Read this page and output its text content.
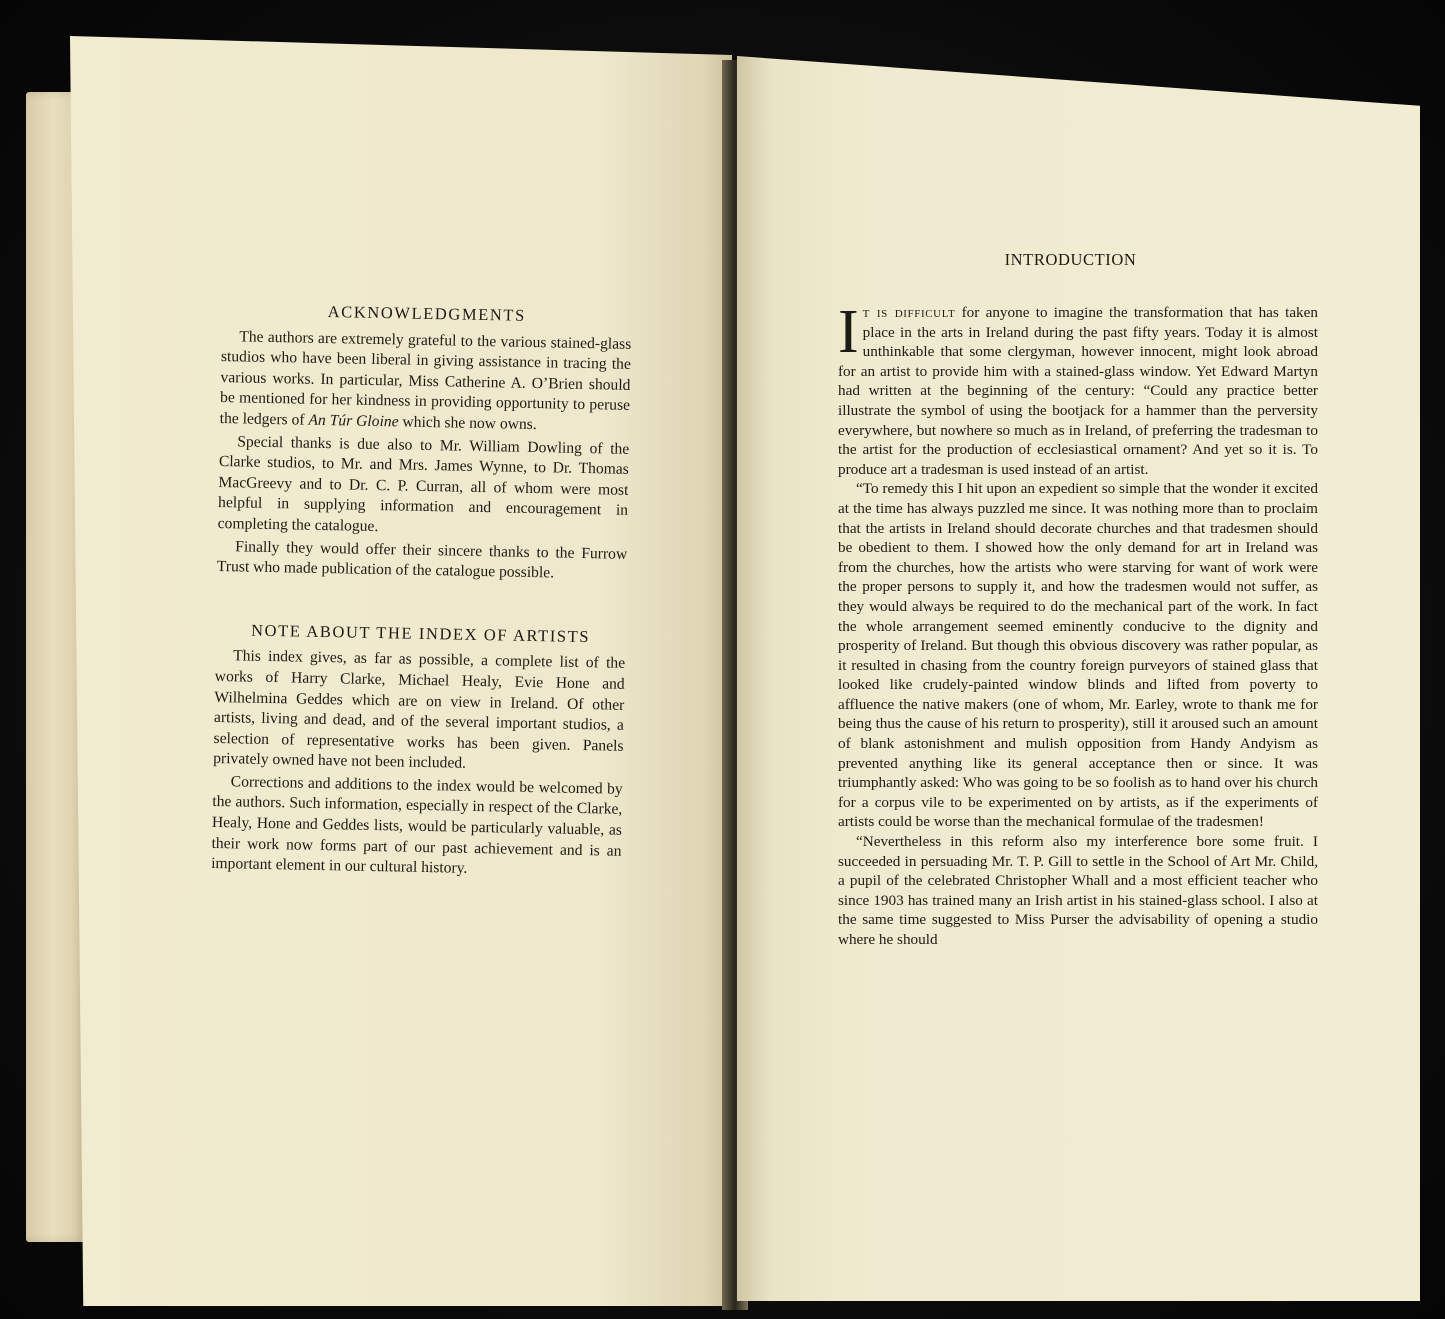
ACKNOWLEDGMENTS

The authors are extremely grateful to the various stained-glass studios who have been liberal in giving assistance in tracing the various works. In particular, Miss Catherine A. O’Brien should be mentioned for her kindness in providing opportunity to peruse the ledgers of An Túr Gloine which she now owns.

Special thanks is due also to Mr. William Dowling of the Clarke studios, to Mr. and Mrs. James Wynne, to Dr. Thomas MacGreevy and to Dr. C. P. Curran, all of whom were most helpful in supplying information and encouragement in completing the catalogue.

Finally they would offer their sincere thanks to the Furrow Trust who made publication of the catalogue possible.

NOTE ABOUT THE INDEX OF ARTISTS

This index gives, as far as possible, a complete list of the works of Harry Clarke, Michael Healy, Evie Hone and Wilhelmina Geddes which are on view in Ireland. Of other artists, living and dead, and of the several important studios, a selection of representative works has been given. Panels privately owned have not been included.

Corrections and additions to the index would be welcomed by the authors. Such information, especially in respect of the Clarke, Healy, Hone and Geddes lists, would be particularly valuable, as their work now forms part of our past achievement and is an important element in our cultural history.

INTRODUCTION

It is difficult for anyone to imagine the transformation that has taken place in the arts in Ireland during the past fifty years. Today it is almost unthinkable that some clergyman, however innocent, might look abroad for an artist to provide him with a stained-glass window. Yet Edward Martyn had written at the beginning of the century: “Could any practice better illustrate the symbol of using the bootjack for a hammer than the perversity everywhere, but nowhere so much as in Ireland, of preferring the tradesman to the artist for the production of ecclesiastical ornament? And yet so it is. To produce art a tradesman is used instead of an artist.

“To remedy this I hit upon an expedient so simple that the wonder it excited at the time has always puzzled me since. It was nothing more than to proclaim that the artists in Ireland should decorate churches and that tradesmen should be obedient to them. I showed how the only demand for art in Ireland was from the churches, how the artists who were starving for want of work were the proper persons to supply it, and how the tradesmen would not suffer, as they would always be required to do the mechanical part of the work. In fact the whole arrangement seemed eminently conducive to the dignity and prosperity of Ireland. But though this obvious discovery was rather popular, as it resulted in chasing from the country foreign purveyors of stained glass that looked like crudely-painted window blinds and lifted from poverty to affluence the native makers (one of whom, Mr. Earley, wrote to thank me for being thus the cause of his return to prosperity), still it aroused such an amount of blank astonishment and mulish opposition from Handy Andyism as prevented anything like its general acceptance then or since. It was triumphantly asked: Who was going to be so foolish as to hand over his church for a corpus vile to be experimented on by artists, as if the experiments of artists could be worse than the mechanical formulae of the tradesmen!

“Nevertheless in this reform also my interference bore some fruit. I succeeded in persuading Mr. T. P. Gill to settle in the School of Art Mr. Child, a pupil of the celebrated Christopher Whall and a most efficient teacher who since 1903 has trained many an Irish artist in his stained-glass school. I also at the same time suggested to Miss Purser the advisability of opening a studio where he should
